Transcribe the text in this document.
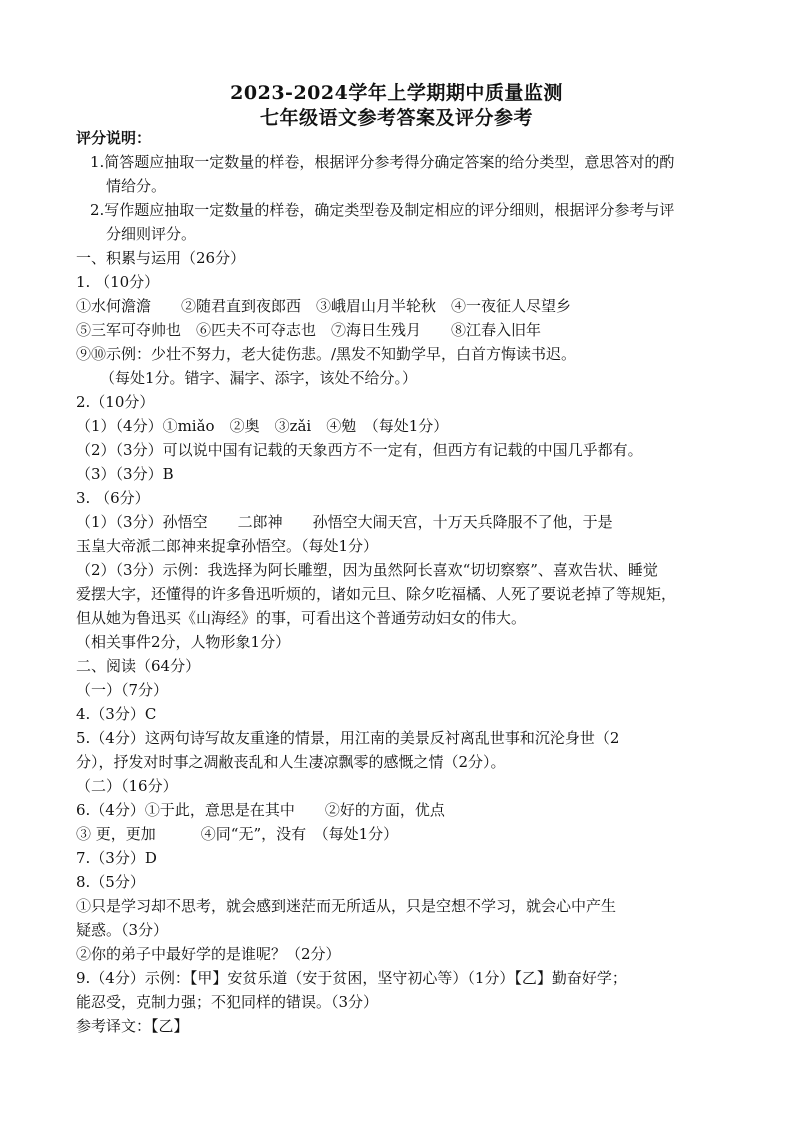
2023-2024学年上学期期中质量监测
七年级语文参考答案及评分参考
评分说明：
1.简答题应抽取一定数量的样卷，根据评分参考得分确定答案的给分类型，意思答对的酌
情给分。
2.写作题应抽取一定数量的样卷，确定类型卷及制定相应的评分细则，根据评分参考与评
分细则评分。
一、积累与运用（26分）
1. （10分）
①水何澹澹　　②随君直到夜郎西　③峨眉山月半轮秋　④一夜征人尽望乡
⑤三军可夺帅也　⑥匹夫不可夺志也　⑦海日生残月　　⑧江春入旧年
⑨⑩示例：少壮不努力，老大徒伤悲。/黑发不知勤学早，白首方悔读书迟。
（每处1分。错字、漏字、添字，该处不给分。）
2.（10分）
（1）（4分）①miǎo　②奥　③zǎi　④勉　（每处1分）
（2）（3分）可以说中国有记载的天象西方不一定有，但西方有记载的中国几乎都有。
（3）（3分）B
3. （6分）
（1）（3分）孙悟空　　二郎神　　孙悟空大闹天宫，十万天兵降服不了他，于是
玉皇大帝派二郎神来捉拿孙悟空。（每处1分）
（2）（3分）示例：我选择为阿长雕塑，因为虽然阿长喜欢“切切察察”、喜欢告状、睡觉
爱摆大字，还懂得的许多鲁迅听烦的，诸如元旦、除夕吃福橘、人死了要说老掉了等规矩，
但从她为鲁迅买《山海经》的事，可看出这个普通劳动妇女的伟大。
（相关事件2分，人物形象1分）
二、阅读（64分）
（一）（7分）
4.（3分）C
5.（4分）这两句诗写故友重逢的情景，用江南的美景反衬离乱世事和沉沦身世（2
分），抒发对时事之凋敝丧乱和人生凄凉飘零的感慨之情（2分）。
（二）（16分）
6.（4分）①于此，意思是在其中　　②好的方面，优点
③ 更，更加　　　④同“无”，没有　（每处1分）
7.（3分）D
8.（5分）
①只是学习却不思考，就会感到迷茫而无所适从，只是空想不学习，就会心中产生
疑惑。（3分）
②你的弟子中最好学的是谁呢？（2分）
9.（4分）示例：【甲】安贫乐道（安于贫困，坚守初心等）（1分）【乙】勤奋好学；
能忍受，克制力强；不犯同样的错误。（3分）
参考译文：【乙】
